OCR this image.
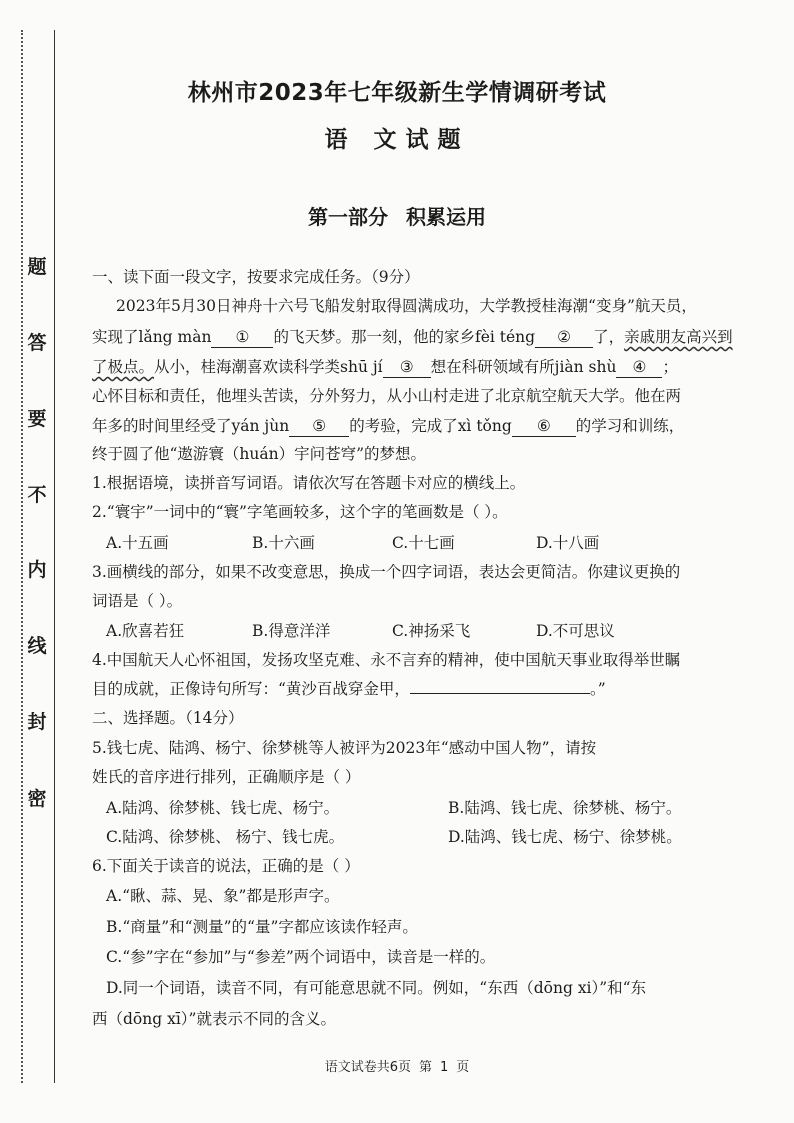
题
答
要
不
内
线
封
密
林州市2023年七年级新生学情调研考试
语 文试题
第一部分 积累运用
一、读下面一段文字，按要求完成任务。（9分）
2023年5月30日神舟十六号飞船发射取得圆满成功，大学教授桂海潮“变身”航天员，
实现了lǎng màn ① 的飞天梦。那一刻，他的家乡fèi téng ② 了，亲戚朋友高兴到
了极点。从小，桂海潮喜欢读科学类shū jí ③ 想在科研领域有所jiàn shù ④ ；
心怀目标和责任，他埋头苦读，分外努力，从小山村走进了北京航空航天大学。他在两
年多的时间里经受了yán jùn ⑤ 的考验，完成了xì tǒng ⑥ 的学习和训练，
终于圆了他“遨游寰（huán）宇问苍穹”的梦想。
1.根据语境，读拼音写词语。请依次写在答题卡对应的横线上。
2.“寰宇”一词中的“寰”字笔画较多，这个字的笔画数是（ ）。
A.十五画	B.十六画	C.十七画	D.十八画
3.画横线的部分，如果不改变意思，换成一个四字词语，表达会更简洁。你建议更换的
词语是（ ）。
A.欣喜若狂	B.得意洋洋	C.神扬采飞	D.不可思议
4.中国航天人心怀祖国，发扬攻坚克难、永不言弃的精神，使中国航天事业取得举世瞩
目的成就，正像诗句所写：“黄沙百战穿金甲，	。”
二、选择题。（14分）
5.钱七虎、陆鸿、杨宁、徐梦桃等人被评为2023年“感动中国人物”，请按
姓氏的音序进行排列，正确顺序是（ ）
A.陆鸿、徐梦桃、钱七虎、杨宁。	B.陆鸿、钱七虎、徐梦桃、杨宁。
C.陆鸿、徐梦桃、 杨宁、钱七虎。	D.陆鸿、钱七虎、杨宁、徐梦桃。
6.下面关于读音的说法，正确的是（ ）
A.“瞅、蒜、晃、象”都是形声字。
B.“商量”和“测量”的“量”字都应该读作轻声。
C.“参”字在“参加”与“参差”两个词语中，读音是一样的。
D.同一个词语，读音不同，有可能意思就不同。例如，“东西（dōng xi）”和“东
西（dōng xī）”就表示不同的含义。
语文试卷共6页 第 1 页
